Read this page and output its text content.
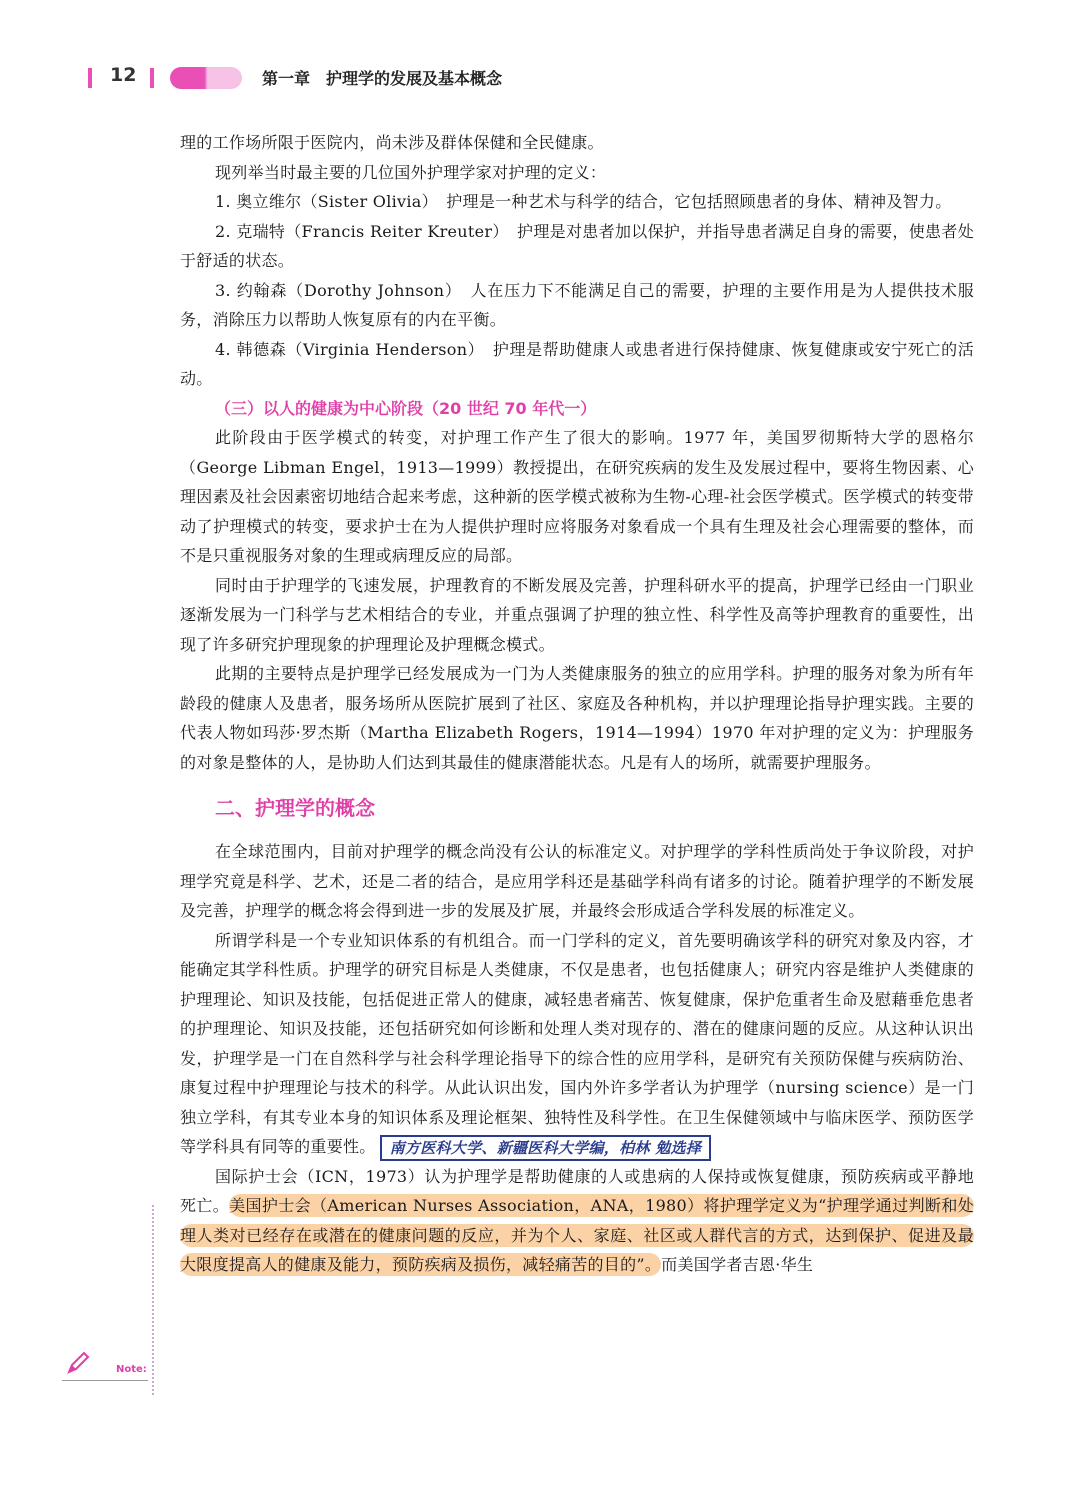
12	第一章　护理学的发展及基本概念

理的工作场所限于医院内，尚未涉及群体保健和全民健康。

现列举当时最主要的几位国外护理学家对护理的定义：

1. 奥立维尔（Sister Olivia）　护理是一种艺术与科学的结合，它包括照顾患者的身体、精神及智力。

2. 克瑞特（Francis Reiter Kreuter）　护理是对患者加以保护，并指导患者满足自身的需要，使患者处于舒适的状态。

3. 约翰森（Dorothy Johnson）　人在压力下不能满足自己的需要，护理的主要作用是为人提供技术服务，消除压力以帮助人恢复原有的内在平衡。

4. 韩德森（Virginia Henderson）　护理是帮助健康人或患者进行保持健康、恢复健康或安宁死亡的活动。

（三）以人的健康为中心阶段（20 世纪 70 年代一）

此阶段由于医学模式的转变，对护理工作产生了很大的影响。1977 年，美国罗彻斯特大学的恩格尔（George Libman Engel，1913—1999）教授提出，在研究疾病的发生及发展过程中，要将生物因素、心理因素及社会因素密切地结合起来考虑，这种新的医学模式被称为生物-心理-社会医学模式。医学模式的转变带动了护理模式的转变，要求护士在为人提供护理时应将服务对象看成一个具有生理及社会心理需要的整体，而不是只重视服务对象的生理或病理反应的局部。

同时由于护理学的飞速发展，护理教育的不断发展及完善，护理科研水平的提高，护理学已经由一门职业逐渐发展为一门科学与艺术相结合的专业，并重点强调了护理的独立性、科学性及高等护理教育的重要性，出现了许多研究护理现象的护理理论及护理概念模式。

此期的主要特点是护理学已经发展成为一门为人类健康服务的独立的应用学科。护理的服务对象为所有年龄段的健康人及患者，服务场所从医院扩展到了社区、家庭及各种机构，并以护理理论指导护理实践。主要的代表人物如玛莎·罗杰斯（Martha Elizabeth Rogers，1914—1994）1970 年对护理的定义为：护理服务的对象是整体的人，是协助人们达到其最佳的健康潜能状态。凡是有人的场所，就需要护理服务。

二、护理学的概念

在全球范围内，目前对护理学的概念尚没有公认的标准定义。对护理学的学科性质尚处于争议阶段，对护理学究竟是科学、艺术，还是二者的结合，是应用学科还是基础学科尚有诸多的讨论。随着护理学的不断发展及完善，护理学的概念将会得到进一步的发展及扩展，并最终会形成适合学科发展的标准定义。

所谓学科是一个专业知识体系的有机组合。而一门学科的定义，首先要明确该学科的研究对象及内容，才能确定其学科性质。护理学的研究目标是人类健康，不仅是患者，也包括健康人；研究内容是维护人类健康的护理理论、知识及技能，包括促进正常人的健康，减轻患者痛苦、恢复健康，保护危重者生命及慰藉垂危患者的护理理论、知识及技能，还包括研究如何诊断和处理人类对现存的、潜在的健康问题的反应。从这种认识出发，护理学是一门在自然科学与社会科学理论指导下的综合性的应用学科，是研究有关预防保健与疾病防治、康复过程中护理理论与技术的科学。从此认识出发，国内外许多学者认为护理学（nursing science）是一门独立学科，有其专业本身的知识体系及理论框架、独特性及科学性。在卫生保健领域中与临床医学、预防医学等学科具有同等的重要性。 南方医科大学、新疆医科大学编，柏林 勉选择

国际护士会（ICN，1973）认为护理学是帮助健康的人或患病的人保持或恢复健康，预防疾病或平静地死亡。美国护士会（American Nurses Association，ANA，1980）将护理学定义为“护理学通过判断和处理人类对已经存在或潜在的健康问题的反应，并为个人、家庭、社区或人群代言的方式，达到保护、促进及最大限度提高人的健康及能力，预防疾病及损伤，减轻痛苦的目的”。而美国学者吉恩·华生

Note:
